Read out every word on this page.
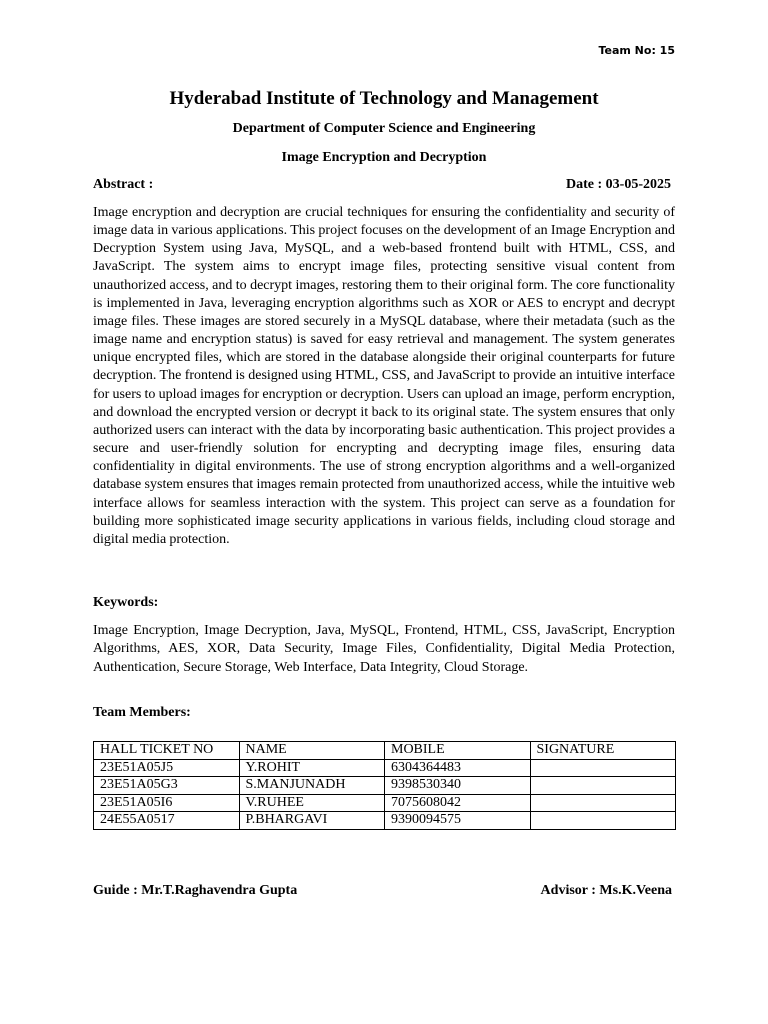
Team No: 15
Hyderabad Institute of Technology and Management
Department of Computer Science and Engineering
Image Encryption and Decryption
Abstract :	Date : 03-05-2025

Image encryption and decryption are crucial techniques for ensuring the confidentiality and security of image data in various applications. This project focuses on the development of an Image Encryption and Decryption System using Java, MySQL, and a web-based frontend built with HTML, CSS, and JavaScript. The system aims to encrypt image files, protecting sensitive visual content from unauthorized access, and to decrypt images, restoring them to their original form. The core functionality is implemented in Java, leveraging encryption algorithms such as XOR or AES to encrypt and decrypt image files. These images are stored securely in a MySQL database, where their metadata (such as the image name and encryption status) is saved for easy retrieval and management. The system generates unique encrypted files, which are stored in the database alongside their original counterparts for future decryption. The frontend is designed using HTML, CSS, and JavaScript to provide an intuitive interface for users to upload images for encryption or decryption. Users can upload an image, perform encryption, and download the encrypted version or decrypt it back to its original state. The system ensures that only authorized users can interact with the data by incorporating basic authentication. This project provides a secure and user-friendly solution for encrypting and decrypting image files, ensuring data confidentiality in digital environments. The use of strong encryption algorithms and a well-organized database system ensures that images remain protected from unauthorized access, while the intuitive web interface allows for seamless interaction with the system. This project can serve as a foundation for building more sophisticated image security applications in various fields, including cloud storage and digital media protection.

Keywords:

Image Encryption, Image Decryption, Java, MySQL, Frontend, HTML, CSS, JavaScript, Encryption Algorithms, AES, XOR, Data Security, Image Files, Confidentiality, Digital Media Protection, Authentication, Secure Storage, Web Interface, Data Integrity, Cloud Storage.

Team Members:
HALL TICKET NO	NAME	MOBILE	SIGNATURE
23E51A05J5	Y.ROHIT	6304364483	
23E51A05G3	S.MANJUNADH	9398530340	
23E51A05I6	V.RUHEE	7075608042	
24E55A0517	P.BHARGAVI	9390094575	
Guide : Mr.T.Raghavendra Gupta	Advisor : Ms.K.Veena
